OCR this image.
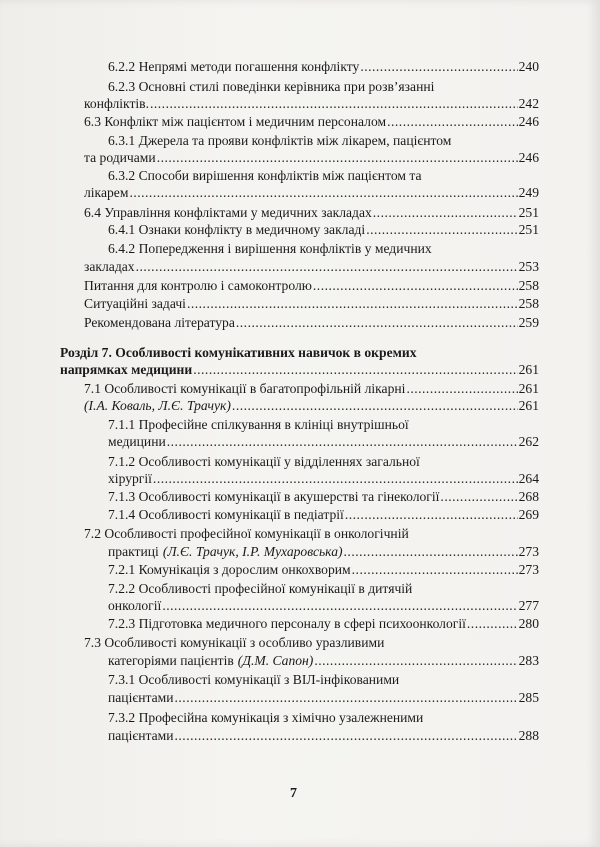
6.2.2 Непрямі методи погашення конфлікту .....	240
6.2.3 Основні стилі поведінки керівника при розв’язанні
конфліктів. .....	242
6.3 Конфлікт між пацієнтом і медичним персоналом .....	246
6.3.1 Джерела та прояви конфліктів між лікарем, пацієнтом
та родичами .....	246
6.3.2 Способи вирішення конфліктів між пацієнтом та
лікарем .....	249
6.4 Управління конфліктами у медичних закладах .....	251
6.4.1 Ознаки конфлікту в медичному закладі .....	251
6.4.2 Попередження і вирішення конфліктів у медичних
закладах .....	253
Питання для контролю і самоконтролю .....	258
Ситуаційні задачі .....	258
Рекомендована література .....	259
Розділ 7. Особливості комунікативних навичок в окремих
напрямках медицини .....	261
7.1 Особливості комунікації в багатопрофільній лікарні .....	261
(І.А. Коваль, Л.Є. Трачук) .....	261
7.1.1 Професійне спілкування в клініці внутрішньої
медицини .....	262
7.1.2 Особливості комунікації у відділеннях загальної
хірургії .....	264
7.1.3 Особливості комунікації в акушерстві та гінекології .....	268
7.1.4 Особливості комунікації в педіатрії .....	269
7.2 Особливості професійної комунікації в онкологічній
практиці (Л.Є. Трачук, І.Р. Мухаровська) .....	273
7.2.1 Комунікація з дорослим онкохворим .....	273
7.2.2 Особливості професійної комунікації в дитячій
онкології .....	277
7.2.3 Підготовка медичного персоналу в сфері психоонкології .....	280
7.3 Особливості комунікації з особливо уразливими
категоріями пацієнтів (Д.М. Сапон) .....	283
7.3.1 Особливості комунікації з ВІЛ-інфікованими
пацієнтами .....	285
7.3.2 Професійна комунікація з хімічно узалежненими
пацієнтами .....	288
7
